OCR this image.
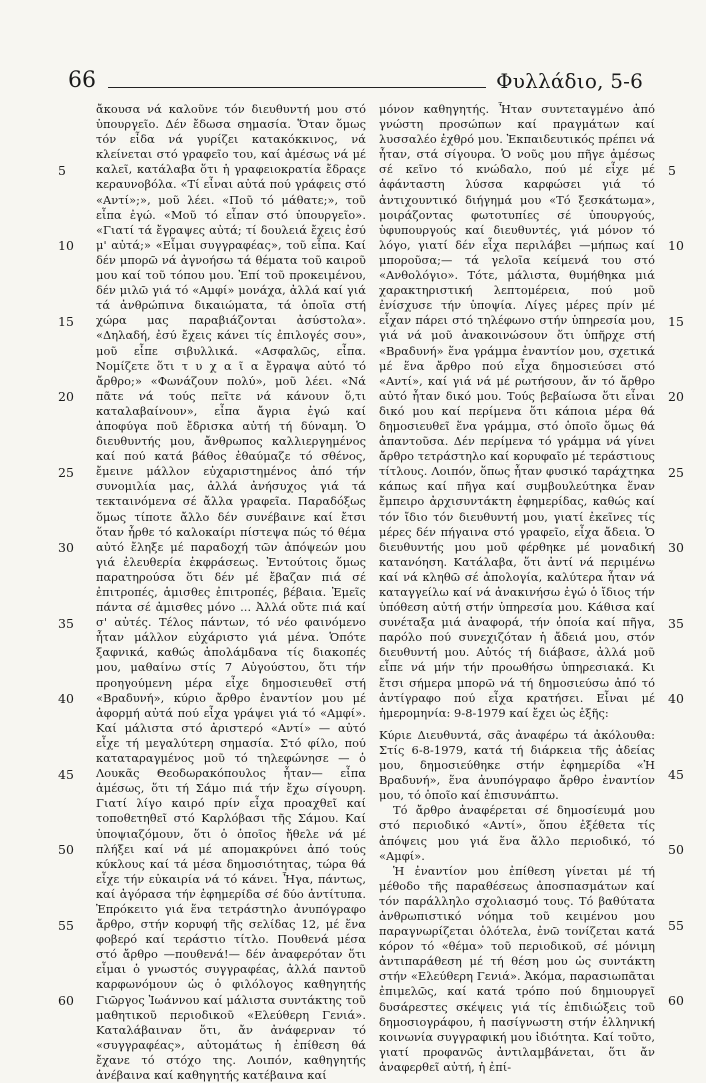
66	Φυλλάδιο, 5-6

ἄκουσα νά καλοῦνε τόν διευθυντή μου στό ὑπουργεῖο. Δέν ἔδωσα σημασία. Ὅταν ὅμως τόν εἶδα νά γυρίζει κατακόκκινος, νά κλείνεται στό γραφεῖο του, καί ἀμέσως νά μέ καλεῖ, κατάλαβα ὅτι ἡ γραφειοκρατία ἔδραςε κεραυνοβόλα. «Τί εἶναι αὐτά πού γράφεις στό «Αντί»;», μοῦ λέει. «Ποῦ τό μάθατε;», τοῦ εἶπα ἐγώ. «Μοῦ τό εἶπαν στό ὑπουργεῖο». «Γιατί τά ἔγραψες αὐτά; τί δουλειά ἔχεις ἐσύ μ' αὐτά;» «Εἶμαι συγγραφέας», τοῦ εἶπα. Καί δέν μπορῶ νά ἀγνοήσω τά θέματα τοῦ καιροῦ μου καί τοῦ τόπου μου. Ἐπί τοῦ προκειμένου, δέν μιλῶ γιά τό «Αμφί» μονάχα, ἀλλά καί γιά τά ἀνθρώπινα δικαιώματα, τά ὁποῖα στή χώρα μας παραβιάζονται ἀσύστολα». «Δηλαδή, ἐσύ ἔχεις κάνει τίς ἐπιλογές σου», μοῦ εἶπε σιβυλλικά. «Ασφαλῶς, εἶπα. Νομίζετε ὅτι τ υ χ α ῖ α ἔγραψα αὐτό τό ἄρθρο;» «Φωνάζουν πολύ», μοῦ λέει. «Νά πᾶτε νά τούς πεῖτε νά κάνουν ὅ,τι καταλαβαίνουν», εἶπα ἄγρια ἐγώ καί ἀποφύγα ποῦ ἔδρισκα αὐτή τή δύναμη. Ὁ διευθυντής μου, ἄνθρωπος καλλιεργημένος καί πού κατά βάθος ἐθαύμαζε τό σθένος, ἔμεινε μάλλον εὐχαριστημένος ἀπό τήν συνομιλία μας, ἀλλά ἀνήσυχος γιά τά τεκταινόμενα σέ ἄλλα γραφεῖα. Παραδόξως ὅμως τίποτε ἄλλο δέν συνέβαινε καί ἔτσι ὅταν ἦρθε τό καλοκαίρι πίστεψα πώς τό θέμα αὐτό ἔληξε μέ παραδοχή τῶν ἀπόψεών μου γιά ἐλευθερία ἐκφράσεως. Ἐντούτοις ὅμως παρατηρούσα ὅτι δέν μέ ἔβαζαν πιά σέ ἐπιτροπές, ἁμισθες ἐπιτροπές, βέβαια. Ἐμεῖς πάντα σέ ἀμισθες μόνο ... Ἀλλά οὔτε πιά καί σ' αὐτές. Τέλος πάντων, τό νέο φαινόμενο ἦταν μάλλον εὐχάριστο γιά μένα. Ὁπότε ξαφνικά, καθώς ἀπολάμδανα τίς διακοπές μου, μαθαίνω στίς 7 Αὐγούστου, ὅτι τήν προηγούμενη μέρα εἶχε δημοσιευθεῖ στή «Βραδυνή», κύριο ἄρθρο ἐναντίον μου μέ ἀφορμή αὐτά πού εἶχα γράψει γιά τό «Αμφί». Καί μάλιστα στό ἀριστερό «Αντί» — αὐτό εἶχε τή μεγαλύτερη σημασία. Στό φίλο, πού καταταραγμένος μοῦ τό τηλεφώνησε — ὁ Λουκᾶς Θεοδωρακόπουλος ἦταν— εἶπα ἀμέσως, ὅτι τή Σάμο πιά τήν ἔχω σίγουρη. Γιατί λίγο καιρό πρίν εἶχα προαχθεῖ καί τοποθετηθεῖ στό Καρλόβασι τῆς Σάμου. Καί ὑποψιαζόμουν, ὅτι ὁ ὁποῖος ἤθελε νά μέ πλήξει καί νά μέ απομακρύνει ἀπό τούς κύκλους καί τά μέσα δημοσιότητας, τώρα θά εἶχε τήν εὐκαιρία νά τό κάνει. Ἦγα, πάντως, καί ἀγόρασα τήν ἐφημερίδα σέ δύο ἀντίτυπα. Ἐπρόκειτο γιά ἕνα τετράστηλο ἀνυπόγραφο ἄρθρο, στήν κορυφή τῆς σελίδας 12, μέ ἕνα φοβερό καί τεράστιο τίτλο. Πουθενά μέσα στό ἄρθρο —πουθενά!— δέν ἀναφερόταν ὅτι εἶμαι ὁ γνωστός συγγραφέας, ἀλλά παντοῦ καρφωνόμουν ὡς ὁ φιλόλογος καθηγητής Γιῶργος Ἰωάννου καί μάλιστα συντάκτης τοῦ μαθητικοῦ περιοδικοῦ «Ελεύθερη Γενιά». Καταλάβαιναν ὅτι, ἄν ἀνάφερναν τό «συγγραφέας», αὐτομάτως ἡ ἐπίθεση θά ἔχανε τό στόχο της. Λοιπόν, καθηγητής ἀνέβαινα καί καθηγητής κατέβαινα καί

μόνον καθηγητής. Ἦταν συντεταγμένο ἀπό γνώστη προσώπων καί πραγμάτων καί λυσσαλέο ἐχθρό μου. Ἐκπαιδευτικός πρέπει νά ἦταν, στά σίγουρα. Ὁ νοῦς μου πῆγε ἀμέσως σέ κεῖνο τό κνώδαλο, πού μέ εἶχε μέ ἀφάνταστη λύσσα καρφώσει γιά τό ἀντιχουντικό διήγημά μου «Τό ξεσκάτωμα», μοιράζοντας φωτοτυπίες σέ ὑπουργούς, ὑφυπουργούς καί διευθυντές, γιά μόνον τό λόγο, γιατί δέν εἶχα περιλάβει —μήπως καί μποροῦσα;— τά γελοῖα κείμενά του στό «Ανθολόγιο». Τότε, μάλιστα, θυμήθηκα μιά χαρακτηριστική λεπτομέρεια, πού μοῦ ἐνίσχυσε τήν ὑποψία. Λίγες μέρες πρίν μέ εἶχαν πάρει στό τηλέφωνο στήν ὑπηρεσία μου, γιά νά μοῦ ἀνακοινώσουν ὅτι ὑπῆρχε στή «Βραδυνή» ἕνα γράμμα ἐναντίον μου, σχετικά μέ ἕνα ἄρθρο πού εἶχα δημοσιεύσει στό «Αντί», καί γιά νά μέ ρωτήσουν, ἄν τό ἄρθρο αὐτό ἦταν δικό μου. Τούς βεβαίωσα ὅτι εἶναι δικό μου καί περίμενα ὅτι κάποια μέρα θά δημοσιευθεῖ ἕνα γράμμα, στό ὁποῖο ὅμως θά ἀπαντοῦσα. Δέν περίμενα τό γράμμα νά γίνει ἄρθρο τετράστηλο καί κορυφαῖο μέ τεράστιους τίτλους. Λοιπόν, ὅπως ἦταν φυσικό ταράχτηκα κάπως καί πῆγα καί συμβουλεύτηκα ἕναν ἔμπειρο ἀρχισυντάκτη ἐφημερίδας, καθώς καί τόν ἴδιο τόν διευθυντή μου, γιατί ἐκεῖνες τίς μέρες δέν πήγαινα στό γραφεῖο, εἶχα ἄδεια. Ὁ διευθυντής μου μοῦ φέρθηκε μέ μοναδική κατανόηση. Κατάλαβα, ὅτι ἀντί νά περιμένω καί νά κληθῶ σέ ἀπολογία, καλύτερα ἦταν νά καταγγείλω καί νά ἀνακινήσω ἐγώ ὁ ἴδιος τήν ὑπόθεση αὐτή στήν ὑπηρεσία μου. Κάθισα καί συνέταξα μιά ἀναφορά, τήν ὁποία καί πῆγα, παρόλο πού συνεχιζόταν ἡ ἄδειά μου, στόν διευθυντή μου. Αὐτός τή διάβασε, ἀλλά μοῦ εἶπε νά μήν τήν προωθήσω ὑπηρεσιακά. Κι ἔτσι σήμερα μπορῶ νά τή δημοσιεύσω ἀπό τό ἀντίγραφο πού εἶχα κρατήσει. Εἶναι μέ ἡμερομηνία: 9-8-1979 καί ἔχει ὡς ἑξῆς:

Κύριε Διευθυντά, σᾶς ἀναφέρω τά ἀκόλουθα: Στίς 6-8-1979, κατά τή διάρκεια τῆς ἀδείας μου, δημοσιεύθηκε στήν ἐφημερίδα «Ἡ Βραδυνή», ἕνα ἀνυπόγραφο ἄρθρο ἐναντίον μου, τό ὁποῖο καί ἐπισυνάπτω.

Τό ἄρθρο ἀναφέρεται σέ δημοσίευμά μου στό περιοδικό «Αντί», ὅπου ἐξέθετα τίς ἀπόψεις μου γιά ἕνα ἄλλο περιοδικό, τό «Αμφί».

Ἡ ἐναντίον μου ἐπίθεση γίνεται μέ τή μέθοδο τῆς παραθέσεως ἀποσπασμάτων καί τόν παράλληλο σχολιασμό τους. Τό βαθύτατα ἀνθρωπιστικό νόημα τοῦ κειμένου μου παραγνωρίζεται ὁλότελα, ἐνῶ τονίζεται κατά κόρον τό «θέμα» τοῦ περιοδικοῦ, σέ μόνιμη ἀντιπαράθεση μέ τή θέση μου ὡς συντάκτη στήν «Ελεύθερη Γενιά». Ἀκόμα, παρασιωπᾶται ἐπιμελῶς, καί κατά τρόπο πού δημιουργεῖ δυσάρεστες σκέψεις γιά τίς ἐπιδιώξεις τοῦ δημοσιογράφου, ἡ πασίγνωστη στήν ἑλληνική κοινωνία συγγραφική μου ἰδιότητα. Καί τοῦτο, γιατί προφανῶς ἀντιλαμβάνεται, ὅτι ἄν ἀναφερθεῖ αὐτή, ἡ ἐπί-

5
10
15
20
25
30
35
40
45
50
55
60
5
10
15
20
25
30
35
40
45
50
55
60
